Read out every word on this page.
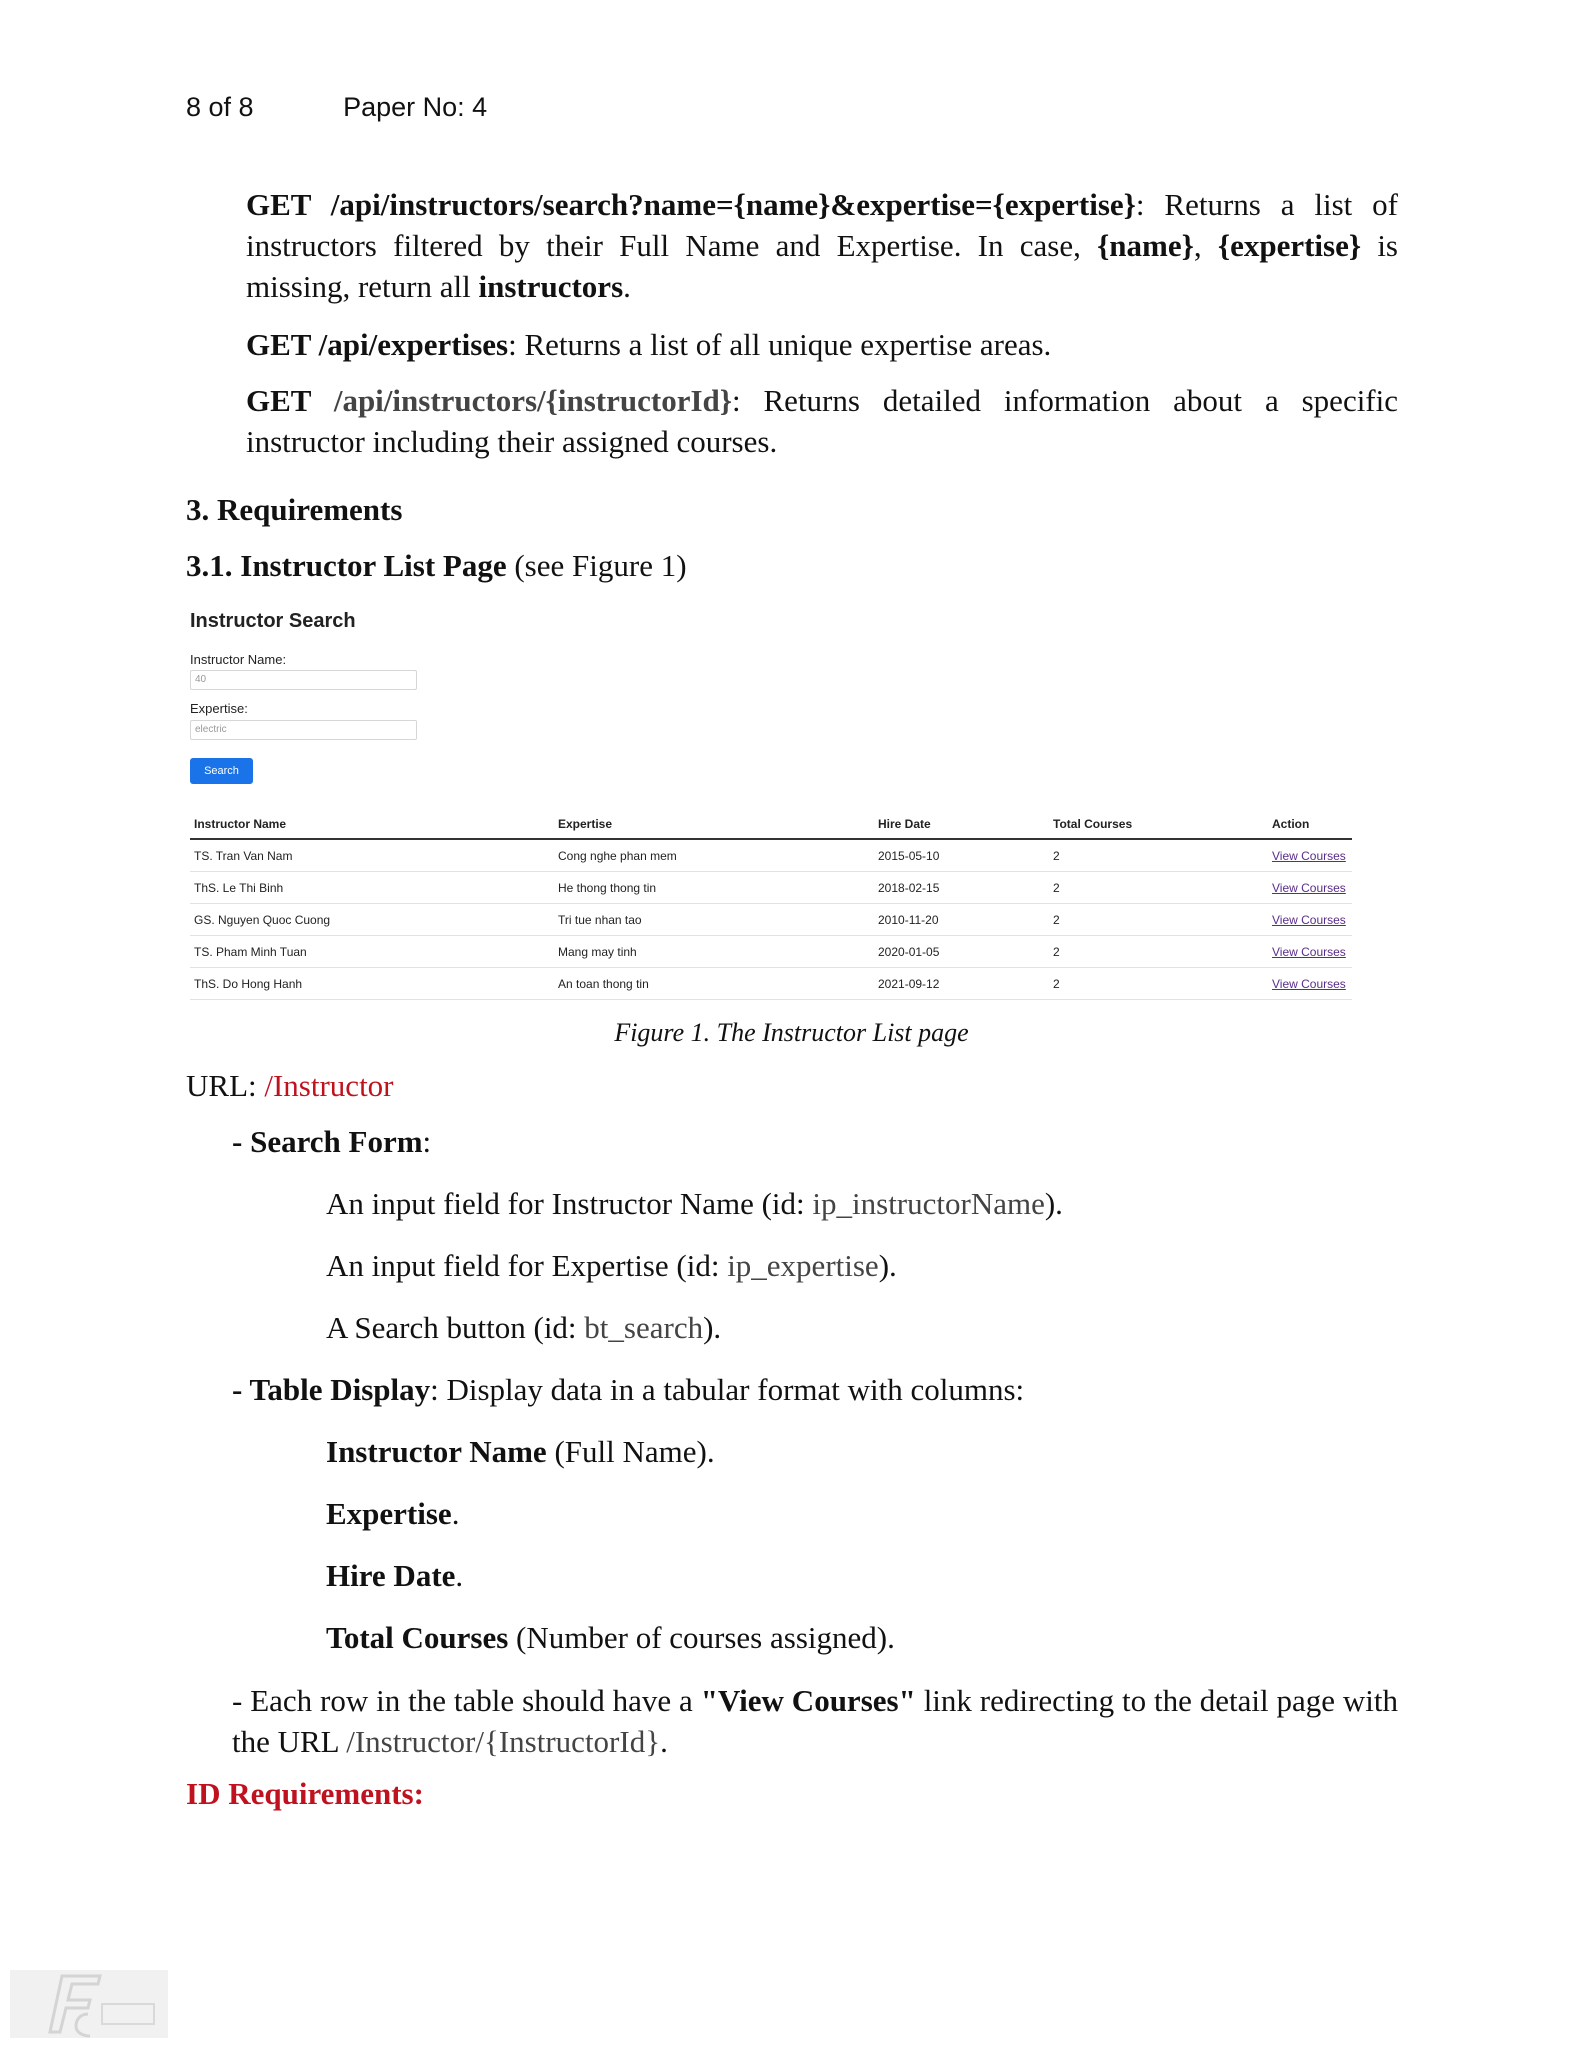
8 of 8	Paper No: 4
GET /api/instructors/search?name={name}&expertise={expertise}: Returns a list of instructors filtered by their Full Name and Expertise. In case, {name}, {expertise} is missing, return all instructors.
GET /api/expertises: Returns a list of all unique expertise areas.
GET /api/instructors/{instructorId}: Returns detailed information about a specific instructor including their assigned courses.
3. Requirements
3.1. Instructor List Page (see Figure 1)
Instructor Search
Instructor Name:
40
Expertise:
electric
Search
Instructor Name	Expertise	Hire Date	Total Courses	Action
TS. Tran Van Nam	Cong nghe phan mem	2015-05-10	2	View Courses
ThS. Le Thi Binh	He thong thong tin	2018-02-15	2	View Courses
GS. Nguyen Quoc Cuong	Tri tue nhan tao	2010-11-20	2	View Courses
TS. Pham Minh Tuan	Mang may tinh	2020-01-05	2	View Courses
ThS. Do Hong Hanh	An toan thong tin	2021-09-12	2	View Courses
Figure 1. The Instructor List page
URL: /Instructor
- Search Form:
An input field for Instructor Name (id: ip_instructorName).
An input field for Expertise (id: ip_expertise).
A Search button (id: bt_search).
- Table Display: Display data in a tabular format with columns:
Instructor Name (Full Name).
Expertise.
Hire Date.
Total Courses (Number of courses assigned).
- Each row in the table should have a "View Courses" link redirecting to the detail page with the URL /Instructor/{InstructorId}.
ID Requirements:
